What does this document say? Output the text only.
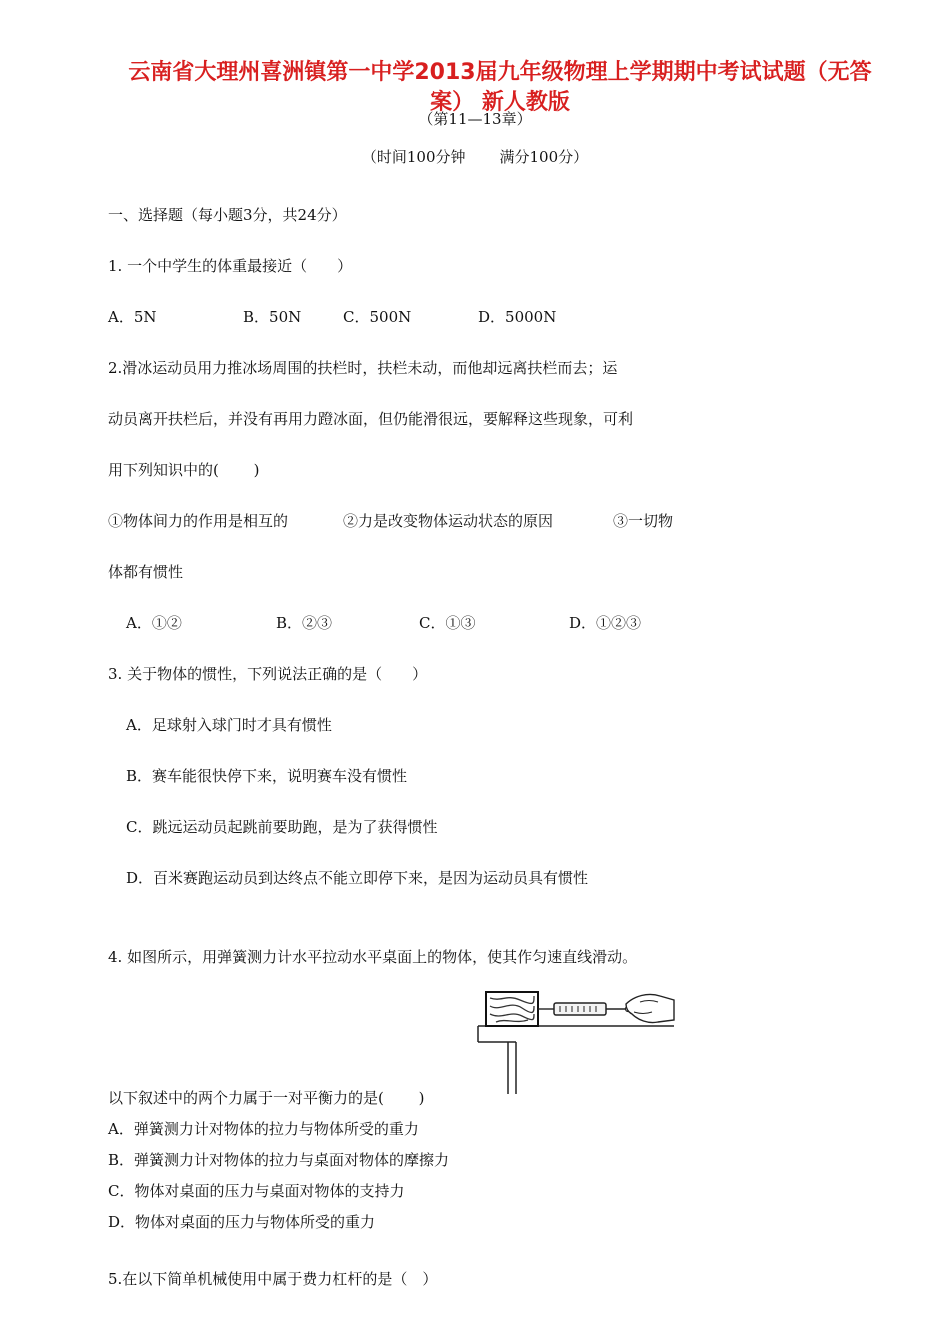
云南省大理州喜洲镇第一中学2013届九年级物理上学期期中考试试题（无答
案） 新人教版
（第11—13章）
（时间100分钟 满分100分）
一、选择题（每小题3分，共24分）
1. 一个中学生的体重最接近（　　）
A．5N	B．50N	C．500N	D．5000N
2.滑冰运动员用力推冰场周围的扶栏时，扶栏未动，而他却远离扶栏而去；运
动员离开扶栏后，并没有再用力蹬冰面，但仍能滑很远，要解释这些现象，可利
用下列知识中的(　　 )
①物体间力的作用是相互的	②力是改变物体运动状态的原因	③一切物
体都有惯性
A．①②	B．②③	C．①③	D．①②③
3. 关于物体的惯性，下列说法正确的是（　　）
A．足球射入球门时才具有惯性
B．赛车能很快停下来，说明赛车没有惯性
C．跳远运动员起跳前要助跑，是为了获得惯性
D．百米赛跑运动员到达终点不能立即停下来，是因为运动员具有惯性
4. 如图所示，用弹簧测力计水平拉动水平桌面上的物体，使其作匀速直线滑动。
以下叙述中的两个力属于一对平衡力的是(　　 )
A．弹簧测力计对物体的拉力与物体所受的重力
B．弹簧测力计对物体的拉力与桌面对物体的摩擦力
C．物体对桌面的压力与桌面对物体的支持力
D．物体对桌面的压力与物体所受的重力
5.在以下简单机械使用中属于费力杠杆的是（　）
